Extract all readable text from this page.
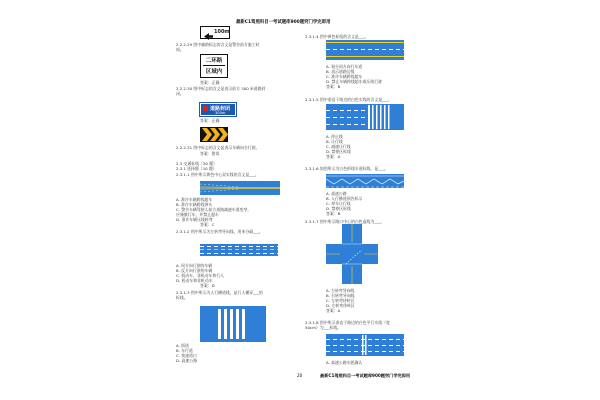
最新C1驾照科目一考试题库900题窍门学完即用
100m
2.2.2.29 图中辅助标志的含义是警告前方施工时
间。
二环路
区域内
答案：正确
2.2.2.30 图中标志的含义是表示前方 300 米道路封
闭。
道路封闭
300m
答案：正确
2.2.2.31 图中标志的含义是表示车辆向右行驶。
答案：错误
2.3 交通标线（30 题）
2.3.1 选择题（10 题）
2.3.1.1 图中所示黄色中心双实线的含义是___。
A. 准许车辆跨线超车
B. 准许车辆跨线掉头
C. 警告车辆驾驶人前方道路减速车道变窄，
应谨慎行车，并禁止超车
D. 准许车辆压线转弯
答案：C
2.3.1.2 图中所示为左转弯导向线，用来分隔___。
A. 同方向行驶的车辆
B. 反方向行驶的车辆
C. 机动车、非机动车和行人
D. 机动车和非机动车
答案：D
2.3.1.3 图中所示为人行横道线，是行人横穿___的
标线。
A. 街道
B. 车行道
C. 快速道口
D. 高速公路
2.3.1.4 图中黄色标线的含义是___。
A. 划分同方向行车道
B. 表示道路边缘
C. 准许车辆跨线超车
D. 禁止车辆跨线超车或压线行驶
答案：B
2.3.1.5 图中垂直于路边的白色实线的含义是___。
A. 停止线
B. 让行线
C. 减速让行线
D. 禁停区标线
答案：A
2.3.1.6 如图所示为白色折线车道标线，是___。
A. 高速公路
B. 人行横道预告标示
C. 停车让行线
D. 禁停区标线
答案：B
2.3.1.7 图中所示路口中心的白色虚线为___。
A. 左转弯导向线
B. 右转弯导向线
C. 左转弯待转区
D. 左转弯待转区
答案：A
2.3.1.8 图中所示垂直于路边的白色平行实线（宽
50cm）为___标线。
A. 高速公路车距确认
20	最新C1驾照科目一考试题库900题窍门学完即用
